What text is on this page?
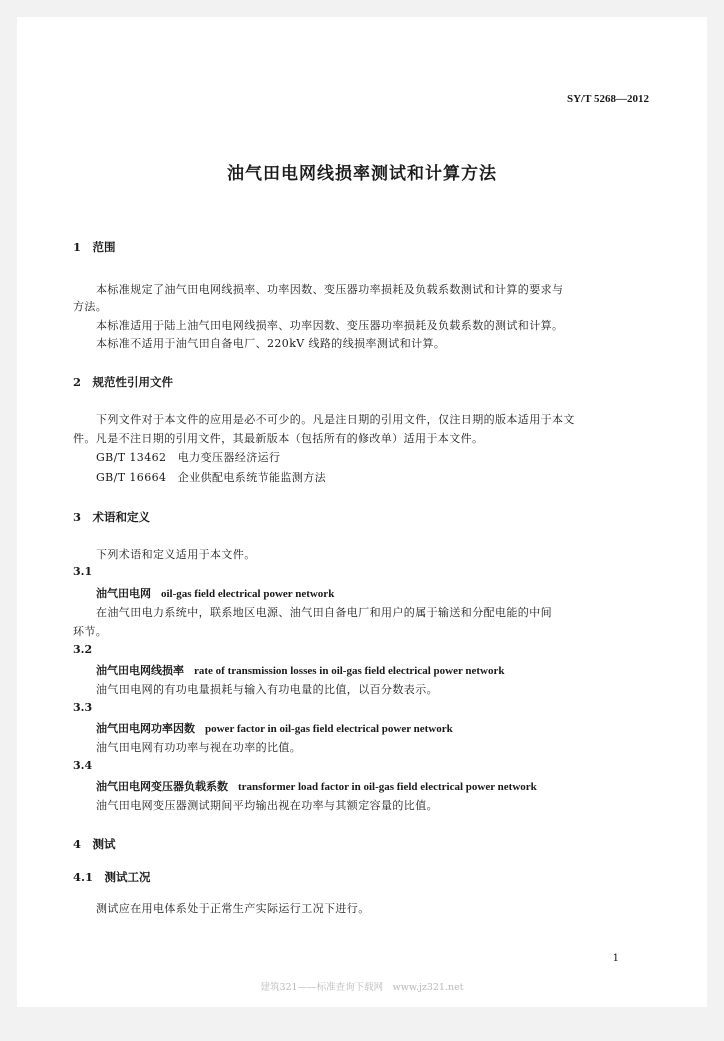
SY/T 5268—2012
油气田电网线损率测试和计算方法
1　范围
本标准规定了油气田电网线损率、功率因数、变压器功率损耗及负载系数测试和计算的要求与
方法。
本标准适用于陆上油气田电网线损率、功率因数、变压器功率损耗及负载系数的测试和计算。
本标准不适用于油气田自备电厂、220kV 线路的线损率测试和计算。
2　规范性引用文件
下列文件对于本文件的应用是必不可少的。凡是注日期的引用文件，仅注日期的版本适用于本文
件。凡是不注日期的引用文件，其最新版本（包括所有的修改单）适用于本文件。
GB/T 13462　电力变压器经济运行
GB/T 16664　企业供配电系统节能监测方法
3　术语和定义
下列术语和定义适用于本文件。
3.1
油气田电网 oil-gas field electrical power network
在油气田电力系统中，联系地区电源、油气田自备电厂和用户的属于输送和分配电能的中间
环节。
3.2
油气田电网线损率 rate of transmission losses in oil-gas field electrical power network
油气田电网的有功电量损耗与输入有功电量的比值，以百分数表示。
3.3
油气田电网功率因数 power factor in oil-gas field electrical power network
油气田电网有功功率与视在功率的比值。
3.4
油气田电网变压器负载系数 transformer load factor in oil-gas field electrical power network
油气田电网变压器测试期间平均输出视在功率与其额定容量的比值。
4　测试
4.1　测试工况
测试应在用电体系处于正常生产实际运行工况下进行。
1
建筑321——标准查询下载网　www.jz321.net
